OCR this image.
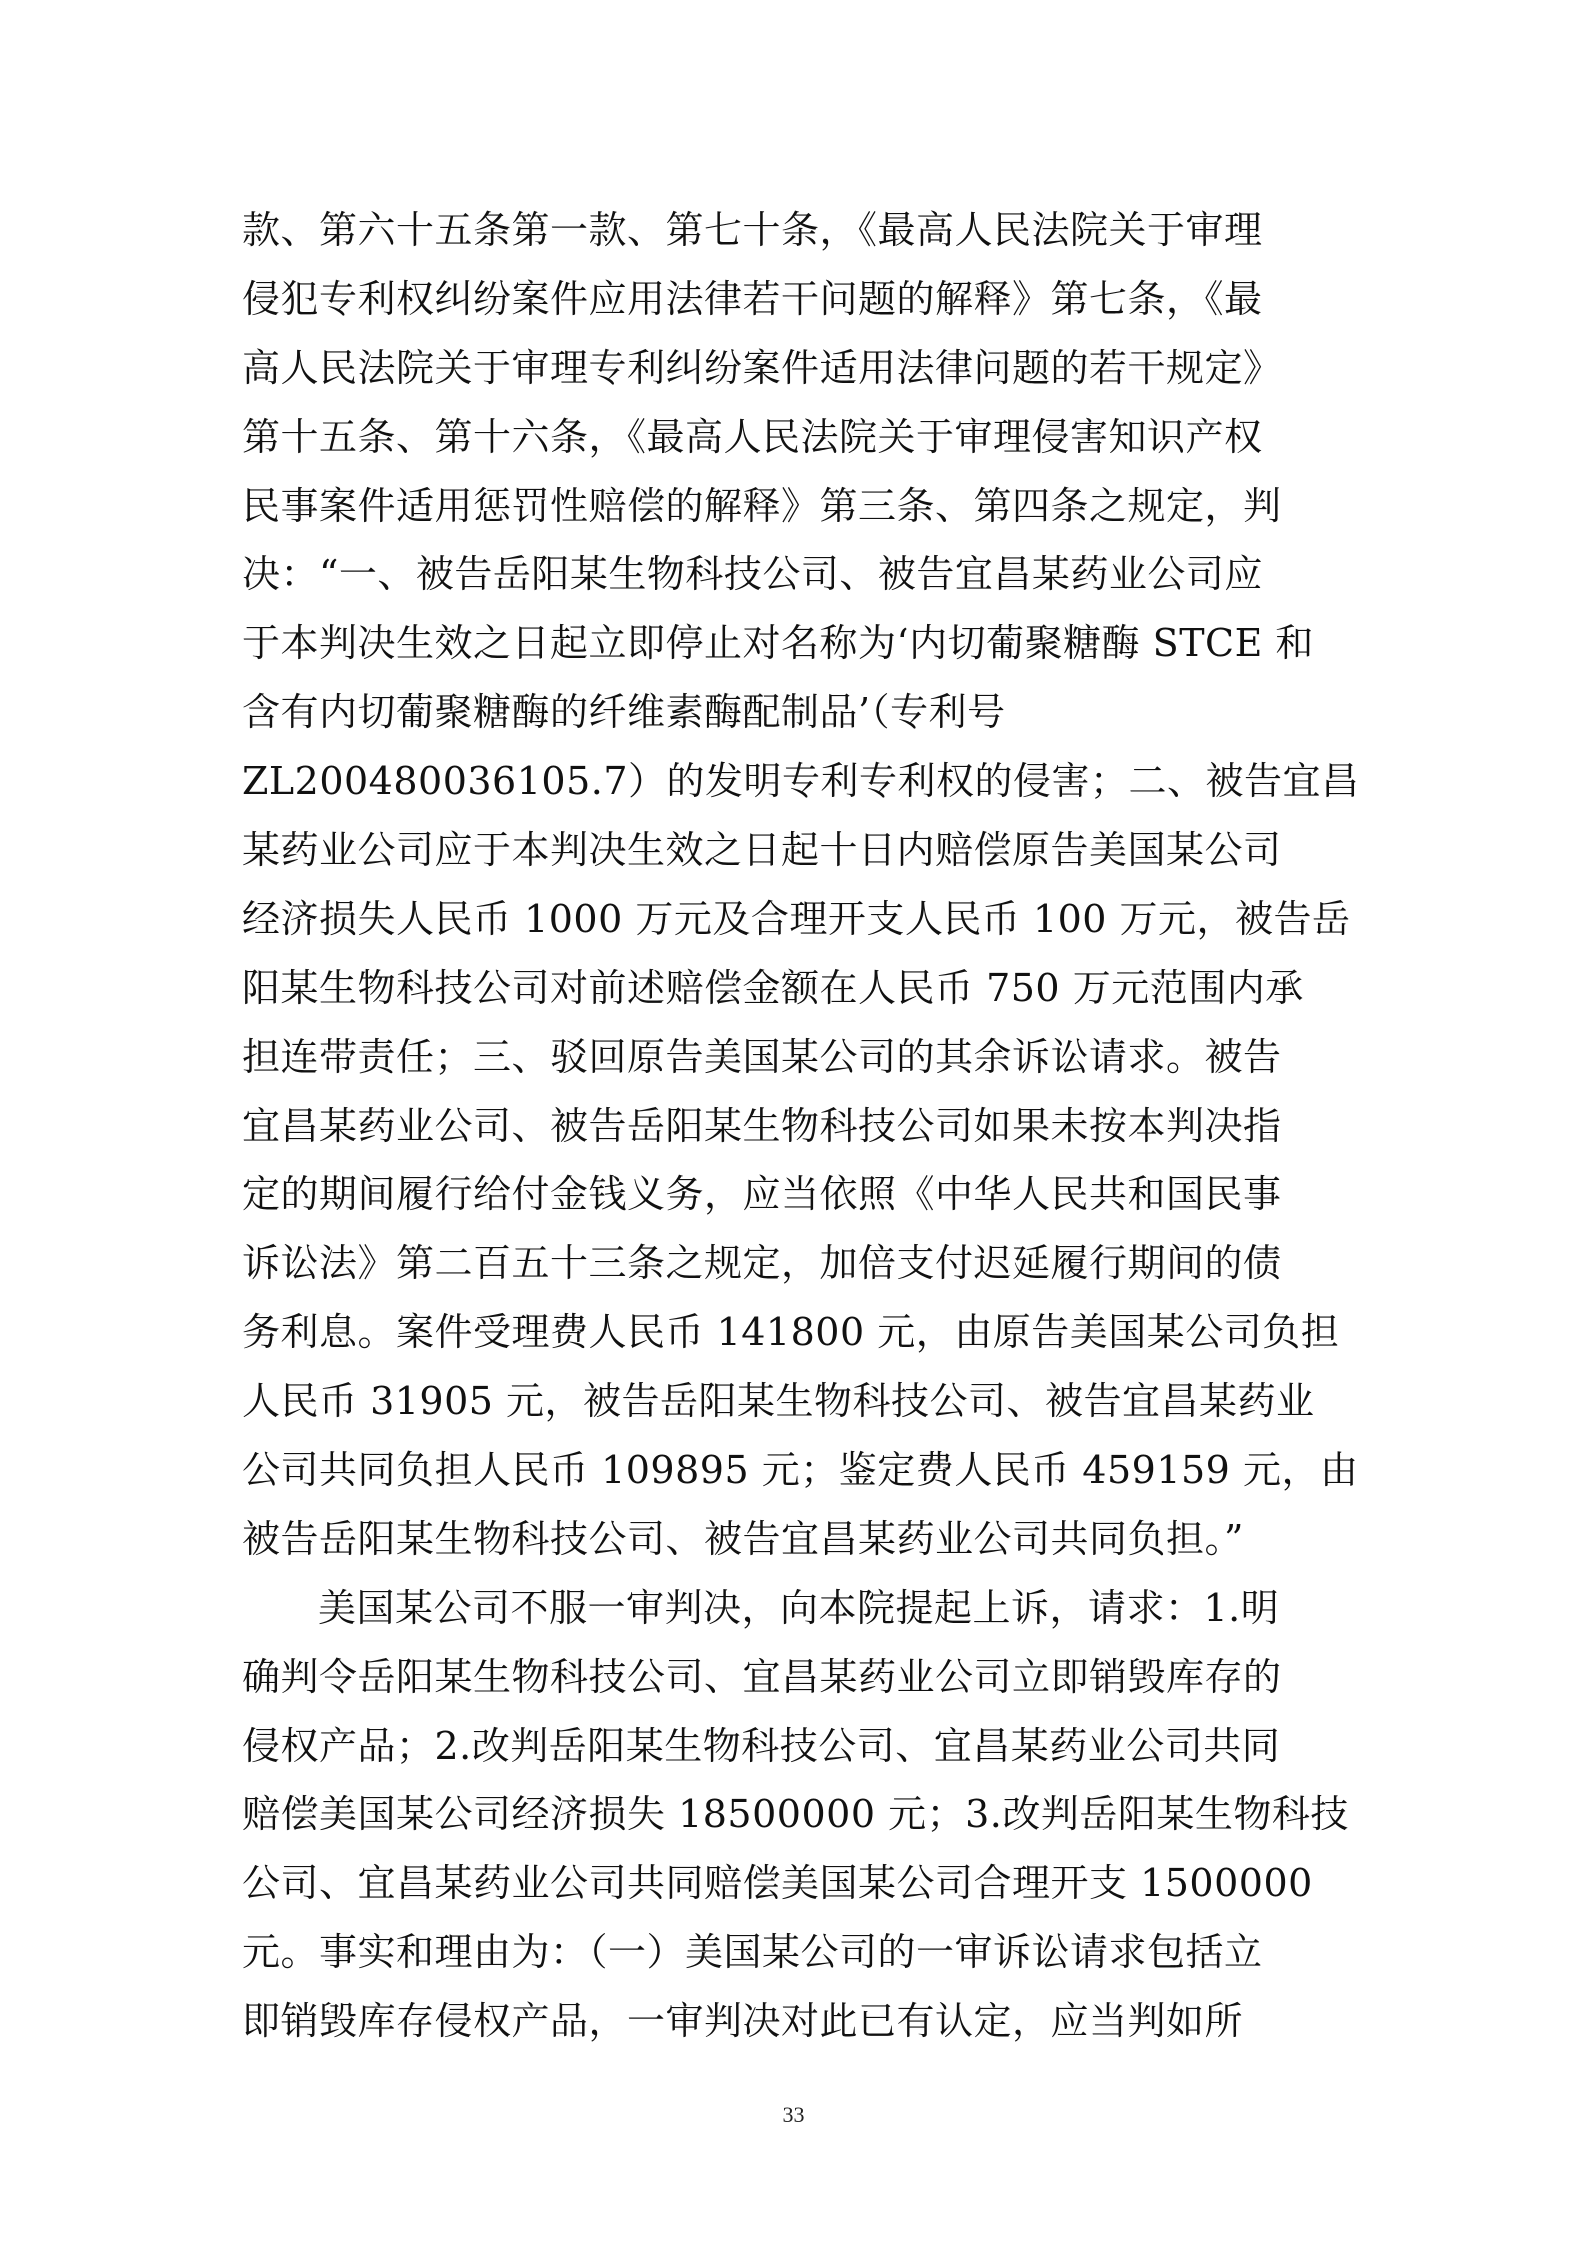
款、第六十五条第一款、第七十条，《最高人民法院关于审理
侵犯专利权纠纷案件应用法律若干问题的解释》第七条，《最
高人民法院关于审理专利纠纷案件适用法律问题的若干规定》
第十五条、第十六条，《最高人民法院关于审理侵害知识产权
民事案件适用惩罚性赔偿的解释》第三条、第四条之规定，判
决：“一、被告岳阳某生物科技公司、被告宜昌某药业公司应
于本判决生效之日起立即停止对名称为‘内切葡聚糖酶 STCE 和
含有内切葡聚糖酶的纤维素酶配制品’（专利号
ZL200480036105.7）的发明专利专利权的侵害；二、被告宜昌
某药业公司应于本判决生效之日起十日内赔偿原告美国某公司
经济损失人民币 1000 万元及合理开支人民币 100 万元，被告岳
阳某生物科技公司对前述赔偿金额在人民币 750 万元范围内承
担连带责任；三、驳回原告美国某公司的其余诉讼请求。被告
宜昌某药业公司、被告岳阳某生物科技公司如果未按本判决指
定的期间履行给付金钱义务，应当依照《中华人民共和国民事
诉讼法》第二百五十三条之规定，加倍支付迟延履行期间的债
务利息。案件受理费人民币 141800 元，由原告美国某公司负担
人民币 31905 元，被告岳阳某生物科技公司、被告宜昌某药业
公司共同负担人民币 109895 元；鉴定费人民币 459159 元，由
被告岳阳某生物科技公司、被告宜昌某药业公司共同负担。”
美国某公司不服一审判决，向本院提起上诉，请求：1.明
确判令岳阳某生物科技公司、宜昌某药业公司立即销毁库存的
侵权产品；2.改判岳阳某生物科技公司、宜昌某药业公司共同
赔偿美国某公司经济损失 18500000 元；3.改判岳阳某生物科技
公司、宜昌某药业公司共同赔偿美国某公司合理开支 1500000
元。事实和理由为：（一）美国某公司的一审诉讼请求包括立
即销毁库存侵权产品，一审判决对此已有认定，应当判如所
33
